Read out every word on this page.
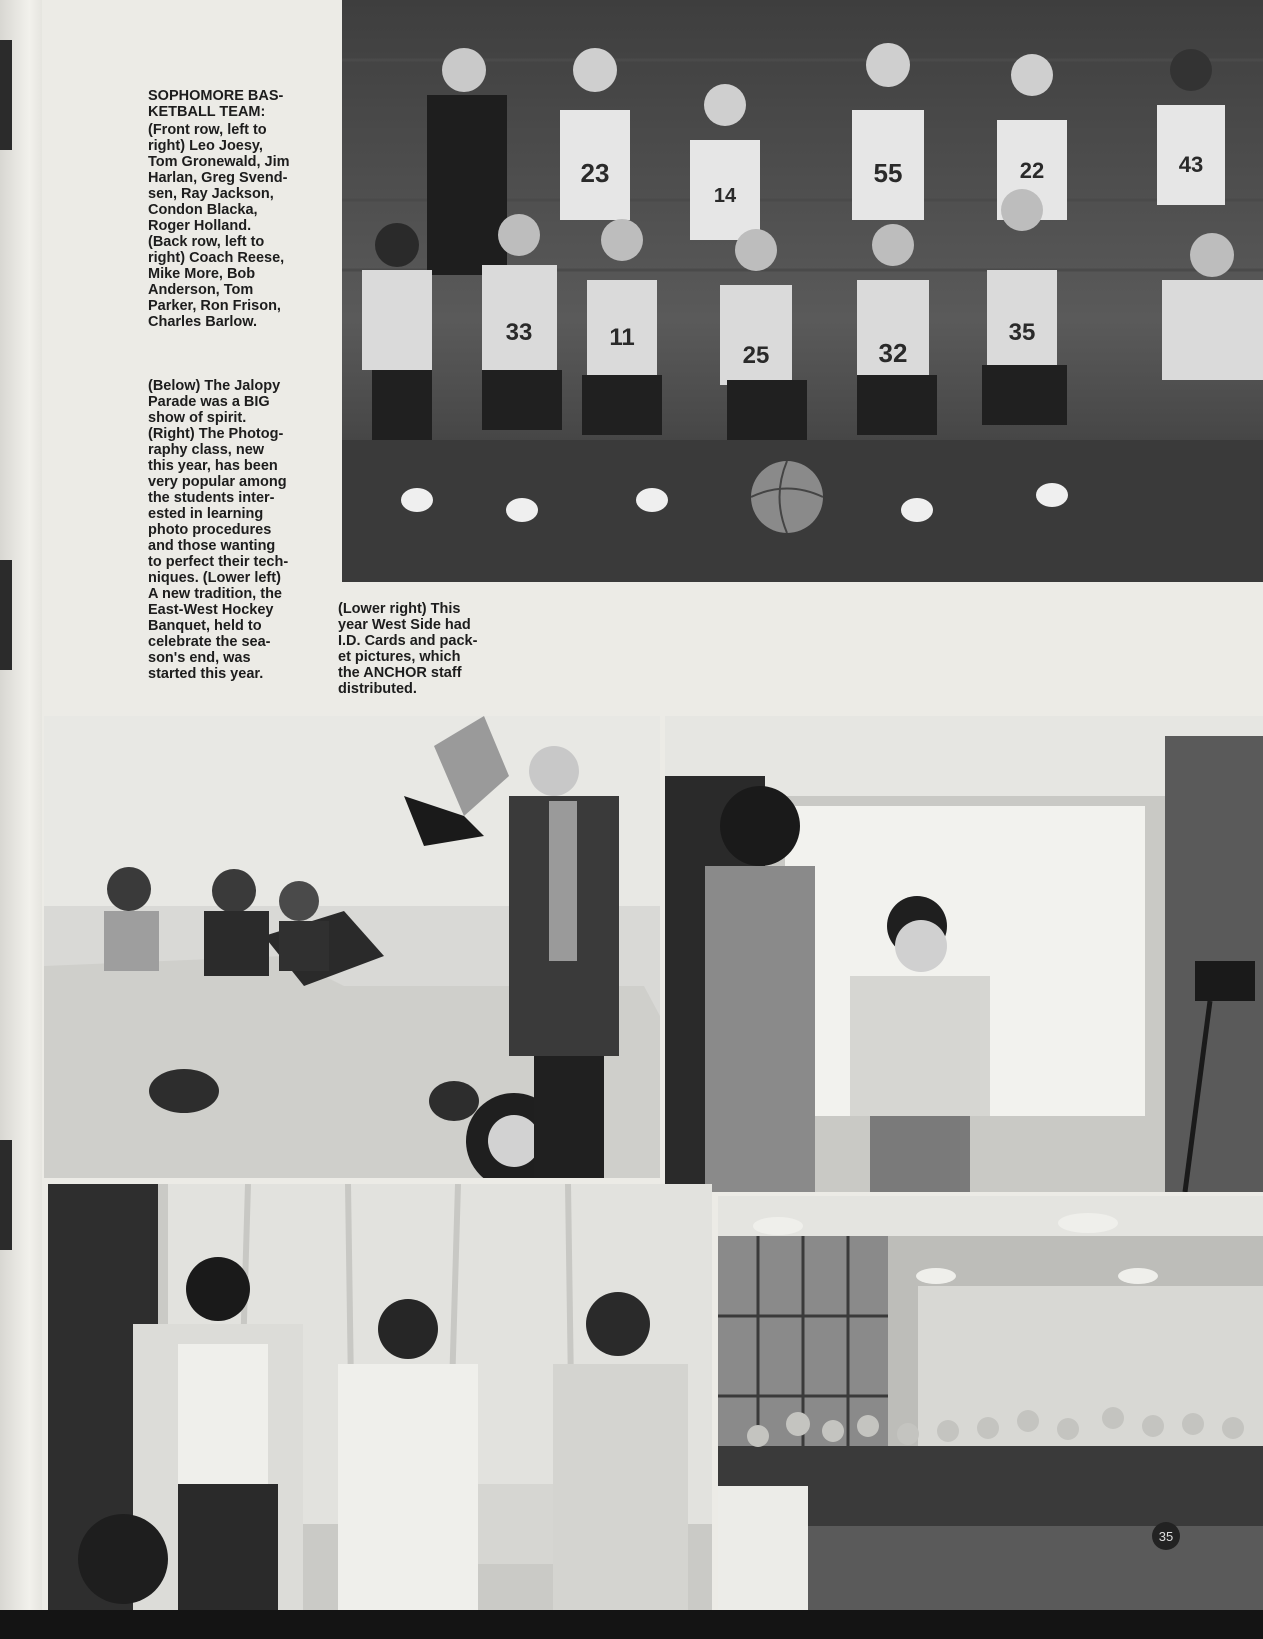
SOPHOMORE BAS-
KETBALL TEAM:
(Front row, left to
right) Leo Joesy,
Tom Gronewald, Jim
Harlan, Greg Svend-
sen, Ray Jackson,
Condon Blacka,
Roger Holland.
(Back row, left to
right) Coach Reese,
Mike More, Bob
Anderson, Tom
Parker, Ron Frison,
Charles Barlow.
(Below) The Jalopy
Parade was a BIG
show of spirit.
(Right) The Photog-
raphy class, new
this year, has been
very popular among
the students inter-
ested in learning
photo procedures
and those wanting
to perfect their tech-
niques. (Lower left)
A new tradition, the
East-West Hockey
Banquet, held to
celebrate the sea-
son's end, was
started this year.
(Lower right) This
year West Side had
I.D. Cards and pack-
et pictures, which
the ANCHOR staff
distributed.
23
14
55	22	43
33	11
25	32
35
35
